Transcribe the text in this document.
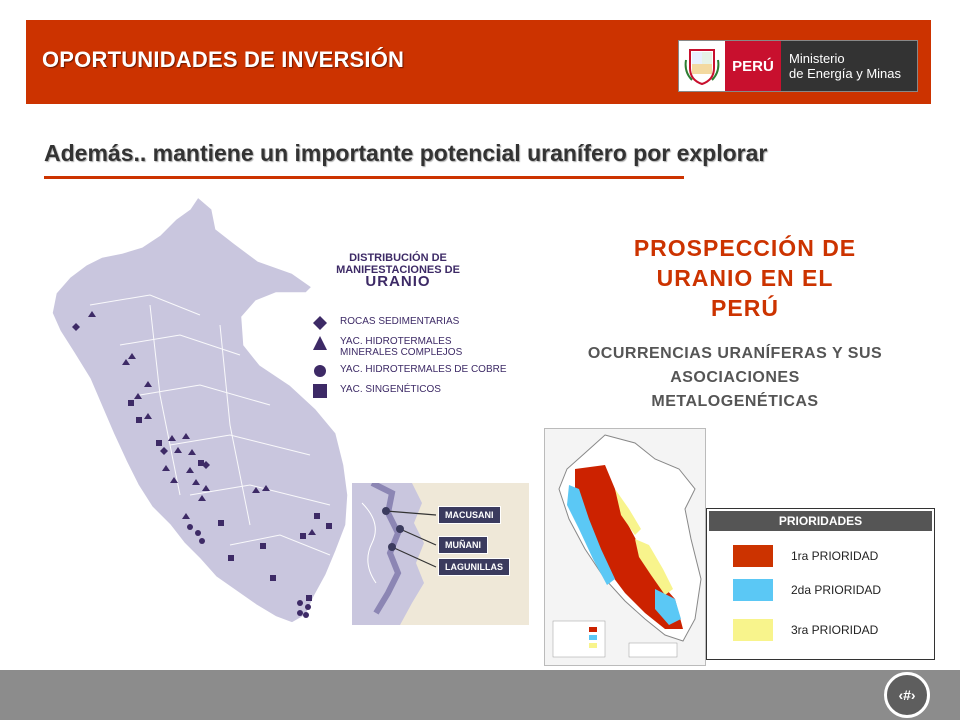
OPORTUNIDADES DE INVERSIÓN	PERÚ	Ministerio
de Energía y Minas
Además.. mantiene un importante potencial uranífero por explorar
DISTRIBUCIÓN DE
MANIFESTACIONES DE
URANIO
ROCAS SEDIMENTARIAS
YAC. HIDROTERMALES MINERALES COMPLEJOS
YAC. HIDROTERMALES DE COBRE
YAC. SINGENÉTICOS
MACUSANI
MUÑANI
LAGUNILLAS
PROSPECCIÓN DE
URANIO EN EL
PERÚ
OCURRENCIAS URANÍFERAS Y SUS
ASOCIACIONES
METALOGENÉTICAS
PRIORIDADES
1ra PRIORIDAD
2da PRIORIDAD
3ra PRIORIDAD
‹#›
